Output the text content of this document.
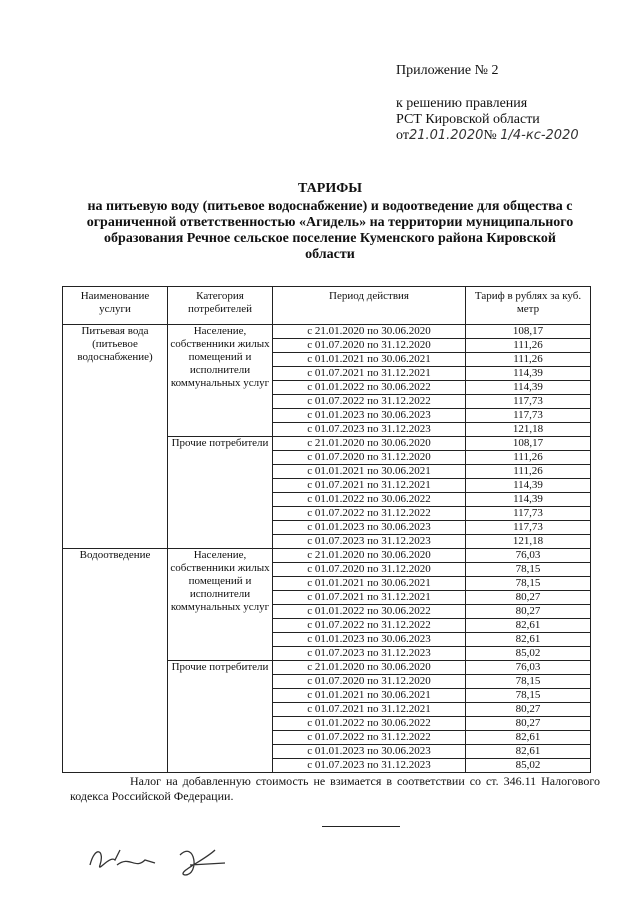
Приложение № 2
к решению правления
РСТ Кировской области
от21.01.2020№ 1/4-кс-2020
ТАРИФЫ
на питьевую воду (питьевое водоснабжение) и водоотведение для общества с ограниченной ответственностью «Агидель» на территории муниципального образования Речное сельское поселение Куменского района Кировской области
Наименование услуги	Категория потребителей	Период действия	Тариф в рублях за куб. метр
Питьевая вода (питьевое водоснабжение)	Население, собственники жилых помещений и исполнители коммунальных услуг	с 21.01.2020 по 30.06.2020	108,17
		с 01.07.2020 по 31.12.2020	111,26
		с 01.01.2021 по 30.06.2021	111,26
		с 01.07.2021 по 31.12.2021	114,39
		с 01.01.2022 по 30.06.2022	114,39
		с 01.07.2022 по 31.12.2022	117,73
		с 01.01.2023 по 30.06.2023	117,73
		с 01.07.2023 по 31.12.2023	121,18
	Прочие потребители	с 21.01.2020 по 30.06.2020	108,17
		с 01.07.2020 по 31.12.2020	111,26
		с 01.01.2021 по 30.06.2021	111,26
		с 01.07.2021 по 31.12.2021	114,39
		с 01.01.2022 по 30.06.2022	114,39
		с 01.07.2022 по 31.12.2022	117,73
		с 01.01.2023 по 30.06.2023	117,73
		с 01.07.2023 по 31.12.2023	121,18
Водоотведение	Население, собственники жилых помещений и исполнители коммунальных услуг	с 21.01.2020 по 30.06.2020	76,03
		с 01.07.2020 по 31.12.2020	78,15
		с 01.01.2021 по 30.06.2021	78,15
		с 01.07.2021 по 31.12.2021	80,27
		с 01.01.2022 по 30.06.2022	80,27
		с 01.07.2022 по 31.12.2022	82,61
		с 01.01.2023 по 30.06.2023	82,61
		с 01.07.2023 по 31.12.2023	85,02
	Прочие потребители	с 21.01.2020 по 30.06.2020	76,03
		с 01.07.2020 по 31.12.2020	78,15
		с 01.01.2021 по 30.06.2021	78,15
		с 01.07.2021 по 31.12.2021	80,27
		с 01.01.2022 по 30.06.2022	80,27
		с 01.07.2022 по 31.12.2022	82,61
		с 01.01.2023 по 30.06.2023	82,61
		с 01.07.2023 по 31.12.2023	85,02
Налог на добавленную стоимость не взимается в соответствии со ст. 346.11 Налогового кодекса Российской Федерации.
